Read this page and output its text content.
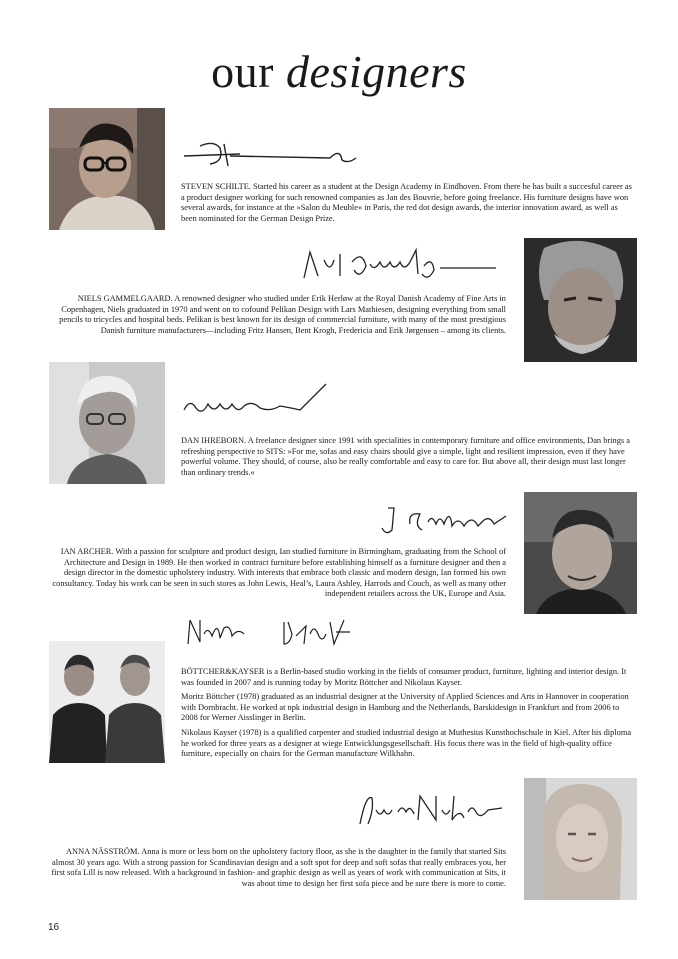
our designers

STEVEN SCHILTE. Started his career as a student at the Design Academy in Eindhoven. From there he has built a succesful career as a product designer working for such renowned companies as Jan des Bouvrie, before going freelance. His furniture designs have won several awards, for instance at the »Salon du Meuble« in Paris, the red dot design awards, the interior innovation award, as well as been nominated for the German Design Prize.

NIELS GAMMELGAARD. A renowned designer who studied under Erik Herløw at the Royal Danish Academy of Fine Arts in Copenhagen, Niels graduated in 1970 and went on to cofound Pelikan Design with Lars Mathiesen, designing everything from small pencils to tricycles and hospital beds. Pelikan is best known for its design of commercial furniture, with many of the most prestigious Danish furniture manufacturers—including Fritz Hansen, Bent Krogh, Fredericia and Erik Jørgensen – among its clients.

DAN IHREBORN. A freelance designer since 1991 with specialities in contemporary furniture and office environments, Dan brings a refreshing perspective to SITS: »For me, sofas and easy chairs should give a simple, light and resilient impression, even if they have powerful volume. They should, of course, also be really comfortable and easy to care for. But above all, their design must last longer than ordinary trends.«

IAN ARCHER. With a passion for sculpture and product design, Ian studied furniture in Birmingham, graduating from the School of Architecture and Design in 1989. He then worked in contract furniture before establishing himself as a furniture designer and then a design director in the domestic upholstery industry. With interests that embrace both classic and modern design, Ian formed his own consultancy. Today his work can be seen in such stores as John Lewis, Heal’s, Laura Ashley, Harrods and Couch, as well as many other independent retailers across the UK, Europe and Asia.

BÖTTCHER&KAYSER is a Berlin-based studio working in the fields of consumer product, furniture, lighting and interior design. It was founded in 2007 and is running today by Moritz Böttcher and Nikolaus Kayser.

Moritz Böttcher (1978) graduated as an industrial designer at the University of Applied Sciences and Arts in Hannover in cooperation with Dornbracht. He worked at npk industrial design in Hamburg and the Netherlands, Barskidesign in Frankfurt and from 2006 to 2008 for Werner Aisslinger in Berlin.

Nikolaus Kayser (1978) is a qualified carpenter and studied industrial design at Muthesius Kunsthochschule in Kiel. After his diploma he worked for three years as a designer at wiege Entwicklungsgesellschaft. His focus there was in the field of high-quality office furniture, especially on chairs for the German manufacture Wilkhahn.

ANNA NÄSSTRÖM. Anna is more or less born on the upholstery factory floor, as she is the daughter in the family that started Sits almost 30 years ago. With a strong passion for Scandinavian design and a soft spot for deep and soft sofas that really embraces you, her first sofa Lill is now released. With a background in fashion- and graphic design as well as years of work with communication at Sits, it was about time to design her first sofa piece and be sure there is more to come.

16
